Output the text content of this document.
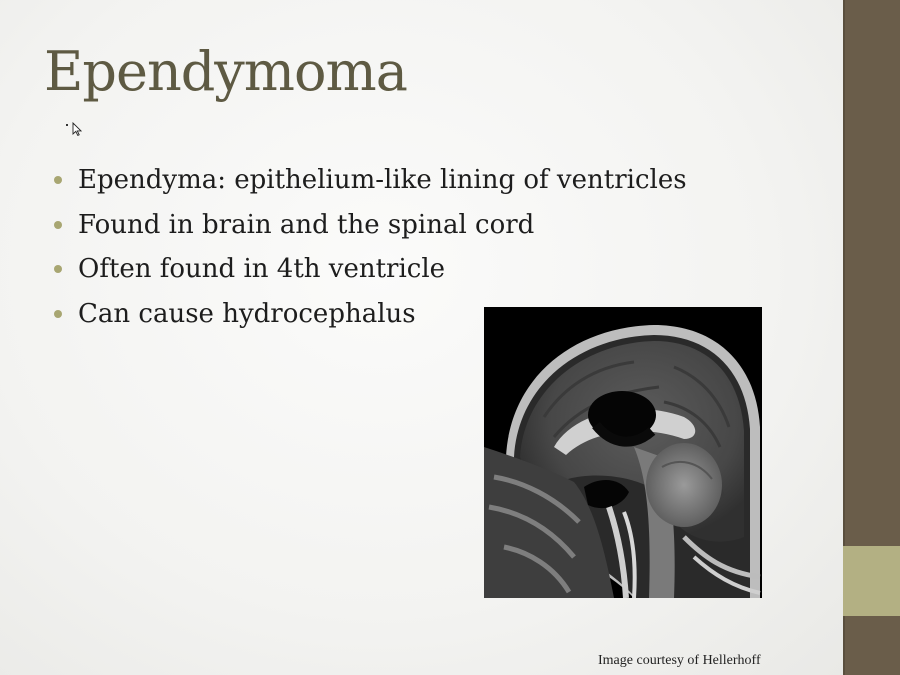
Ependymoma
Ependyma: epithelium-like lining of ventricles
Found in brain and the spinal cord
Often found in 4th ventricle
Can cause hydrocephalus
Image courtesy of Hellerhoff
